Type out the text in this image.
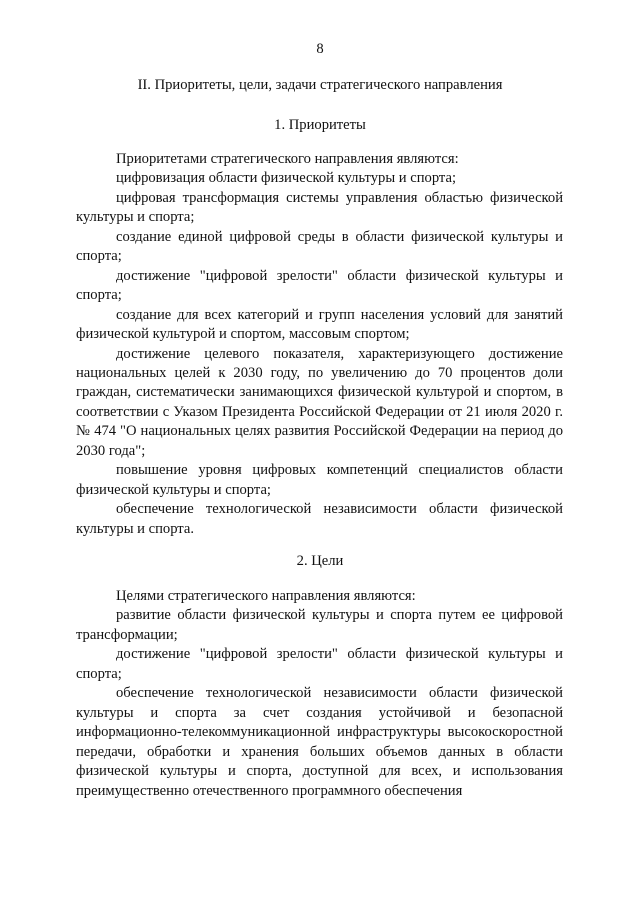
8
II. Приоритеты, цели, задачи стратегического направления
1. Приоритеты

Приоритетами стратегического направления являются:

цифровизация области физической культуры и спорта;

цифровая трансформация системы управления областью физической культуры и спорта;

создание единой цифровой среды в области физической культуры и спорта;

достижение "цифровой зрелости" области физической культуры и спорта;

создание для всех категорий и групп населения условий для занятий физической культурой и спортом, массовым спортом;

достижение целевого показателя, характеризующего достижение национальных целей к 2030 году, по увеличению до 70 процентов доли граждан, систематически занимающихся физической культурой и спортом, в соответствии с Указом Президента Российской Федерации от 21 июля 2020 г. № 474 "О национальных целях развития Российской Федерации на период до 2030 года";

повышение уровня цифровых компетенций специалистов области физической культуры и спорта;

обеспечение технологической независимости области физической культуры и спорта.

2. Цели

Целями стратегического направления являются:

развитие области физической культуры и спорта путем ее цифровой трансформации;

достижение "цифровой зрелости" области физической культуры и спорта;

обеспечение технологической независимости области физической культуры и спорта за счет создания устойчивой и безопасной информационно-телекоммуникационной инфраструктуры высокоскоростной передачи, обработки и хранения больших объемов данных в области физической культуры и спорта, доступной для всех, и использования преимущественно отечественного программного обеспечения
